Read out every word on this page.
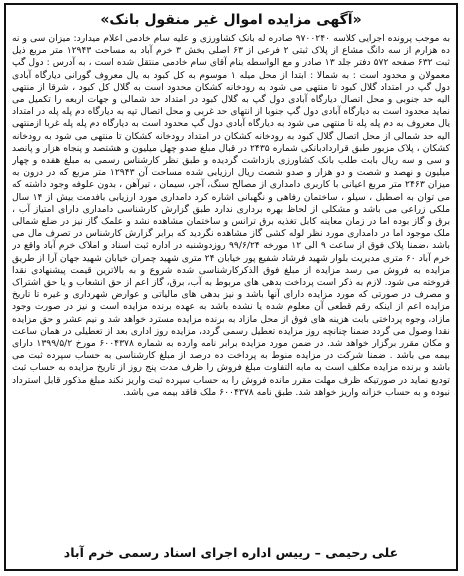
«آگهی مزایده اموال غیر منقول بانک»
به موجب پرونده اجرایی کلاسه ۹۷۰۰۲۴۰ صادره له بانک کشاورزی و علیه سام خادمی اعلام میدارد: میزان سی و نه ده هزارم از سه دانگ مشاع از پلاک ثبتی ۲ فرعی از ۶۳ اصلی بخش ۳ خرم آباد به مساحت ۱۲۹۴۳ متر مربع ذیل ثبت ۶۳۲ صفحه ۵۷۲ دفتر جلد ۱۳ صادر و مع الواسطه بنام آقای سام خادمی منتقل شده است ، به آدرس : دول گپ معمولان و محدود است : به شمالا : ابتدا از محل میله ۱ موسوم به کل کبود به یال معروف گورانی دیارگاه آبادی دول گپ در امتداد گلال کبود تا منتهی می شود به رودخانه کشکان محدود است به گلال کل کبود ، شرقا از منتهی الیه حد جنوبی و محل اتصال دیارگاه آبادی دول گپ به گلال کبود در امتداد حد شمالی و جهات اربعه را تکمیل می نماید محدود است به دیارگاه آبادی دول گپ جنوبا از انتهای حد غربی و محل اتصال تپه به دیارگاه دم پله پله در امتداد یال معروف به دم پله پله تا منتهی می شود به دیارگاه آبادی دول گپ محدود است به دیارگاه دم پله پله غربا ازمنتهی الیه حد شمالی از محل اتصال گلال کبود به رودخانه کشکان در امتداد رودخانه کشکان تا منتهی می شود به رودخانه کشکان ، پلاک مزبور طبق قراردادبانکی شماره ۲۴۳۵ در قبال مبلغ صدو چهل میلیون و هشتصد و پنجاه هزار و پانصد و سی و سه ریال بابت طلب بانک کشاورزی بازداشت گردیده و طبق نظر کارشناس رسمی به مبلغ هفده و چهار میلیون و نهصد و شصت و دو هزار و صدو شصت ریال ارزیابی شده مساحت آن ۱۲۹۴۳ متر مربع که در درون به میزان ۲۴۶۳ متر مربع اعیانی با کاربری دامداری از مصالح سنگ، آجر، سیمان ، تیرآهن ، بدون علوفه وجود داشته که می توان به اصطبل ، سیلو ، ساختمان رفاهی و نگهبانی اشاره کرد دامداری مورد ارزیابی بافدمت بیش از ۱۴ سال ملکی زراعی می باشد و مشکلی از لحاظ بهره برداری ندارد طبق گزارش کارشناسی دامداری دارای امتیاز آب ، برق و گاز بوده اما در زمان معاینه کابل تغذیه برق ترانس و ساختمان مشاهده نشد و علمک گاز نیز در ضلع شمالی ملک موجود اما در دامداری مورد نظر لوله کشی گاز مشاهده نگردید که برابر گزارش کارشناس در تصرف مال می باشد ،ضمنا پلاک فوق از ساعت ۹ الی ۱۲ مورخه ۹۹/۶/۲۴ روزدوشنبه در اداره ثبت اسناد و املاک خرم آباد واقع در خرم آباد ۶۰ متری مدیریت بلوار شهید فرشاد شفیع پور خیابان ۲۴ متری شهید چمران خیابان شهید جهان آرا از طریق مزایده به فروش می رسد مزایده از مبلغ فوق الذکرکارشناسی شده شروع و به بالاترین قیمت پیشنهادی نقدا فروخته می شود. لازم به ذکر است پرداخت بدهی های مربوط به آب، برق، گاز اعم از حق انشعاب و یا حق اشتراک و مصرف در صورتی که مورد مزایده دارای آنها باشد و نیز بدهی های مالیاتی و عوارض شهرداری و غیره تا تاریخ مزایده اعم از اینکه رقم قطعی آن معلوم شده یا نشده باشد به عهده برنده مزایده است و نیز در صورت وجود مازاد، وجوه پرداختی بابت هزینه های فوق از محل مازاد به برنده مزایده مسترد خواهد شد و نیم عشر و حق مزایده نقدا وصول می گردد ضمنا چنانچه روز مزایده تعطیل رسمی گردد، مزایده روز اداری بعد از تعطیلی در همان ساعت و مکان مقرر برگزار خواهد شد. در ضمن مورد مزایده برابر نامه وارده به شماره ۶۰۰۴۳۷۸ مورخ ۱۳۹۹/۵/۲ دارای بیمه می باشد . ضمنا شرکت در مزایده منوط به پرداخت ده درصد از مبلغ کارشناسی به حساب سپرده ثبت می باشد و برنده مزایده مکلف است به مابه التفاوت مبلغ فروش را ظرف مدت پنج روز از تاریخ مزایده به حساب ثبت تودیع نماید در صورتیکه ظرف مهلت مقرر مانده فروش را به حساب سپرده ثبت واریز نکند مبلغ مذکور قابل استرداد نبوده و به حساب خزانه واریز خواهد شد. طبق نامه ۶۰۰۴۳۷۸ ملک فاقد بیمه می باشد.
علی رحیمی – رییس اداره اجرای اسناد رسمی خرم آباد
